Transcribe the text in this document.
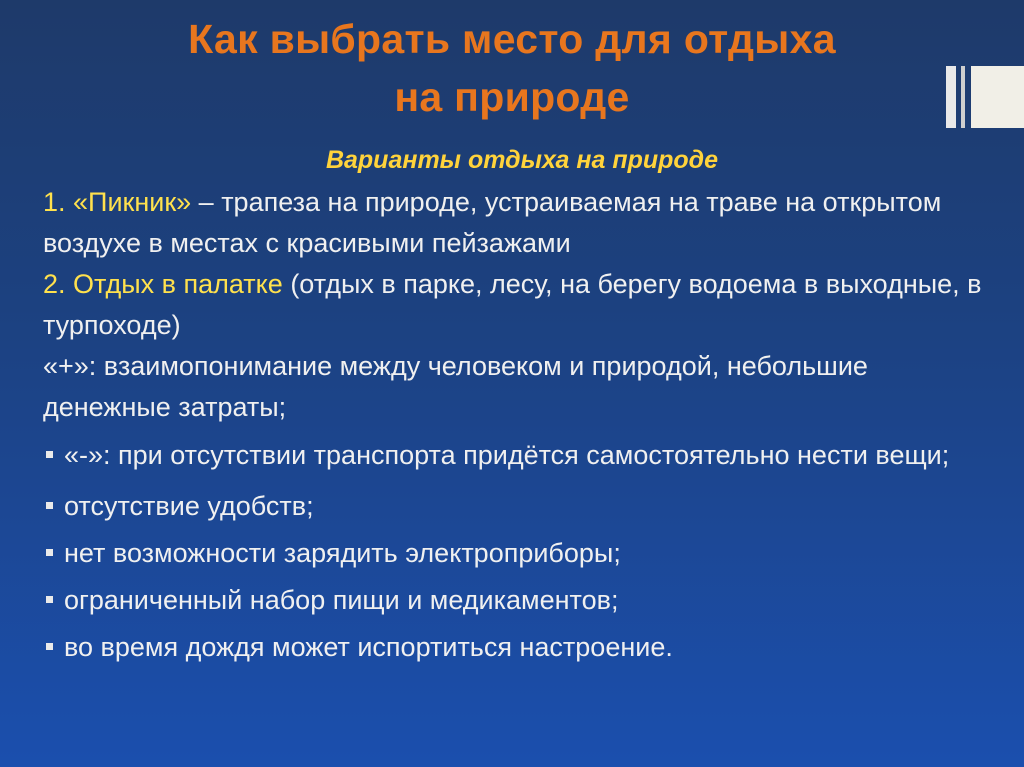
Как выбрать место для отдыха
на природе
Варианты отдыха на природе

1. «Пикник» – трапеза на природе, устраиваемая на траве на открытом воздухе в местах с красивыми пейзажами

2. Отдых в палатке (отдых в парке, лесу, на берегу водоема в выходные, в турпоходе)

«+»: взаимопонимание между человеком и природой, небольшие денежные затраты;

«-»: при отсутствии транспорта придётся самостоятельно нести вещи;
отсутствие удобств;
нет возможности зарядить электроприборы;
ограниченный набор пищи и медикаментов;
во время дождя может испортиться настроение.
